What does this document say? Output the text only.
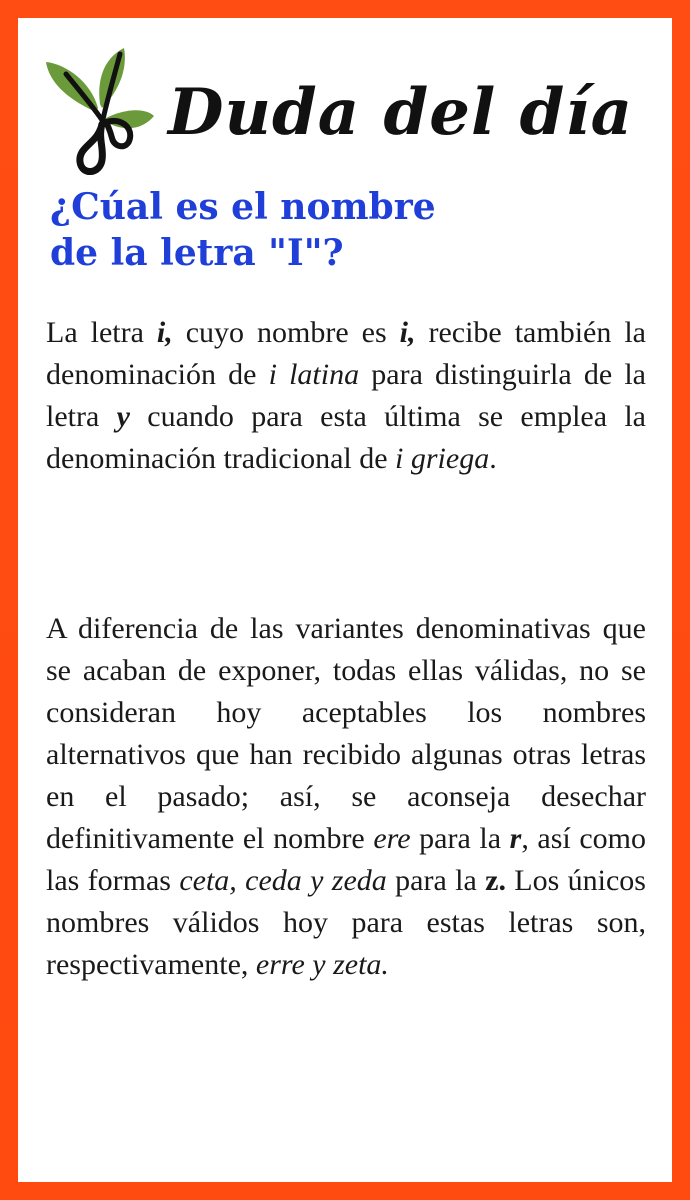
Duda del día
¿Cúal es el nombre
de la letra "I"?

La letra i, cuyo nombre es i, recibe también la denominación de i latina para distinguirla de la letra y cuando para esta última se emplea la denominación tradicional de i griega.

A diferencia de las variantes denominativas que se acaban de exponer, todas ellas válidas, no se consideran hoy aceptables los nombres alternativos que han recibido algunas otras letras en el pasado; así, se aconseja desechar definitivamente el nombre ere para la r, así como las formas ceta, ceda y zeda para la z. Los únicos nombres válidos hoy para estas letras son, respectivamente, erre y zeta.
